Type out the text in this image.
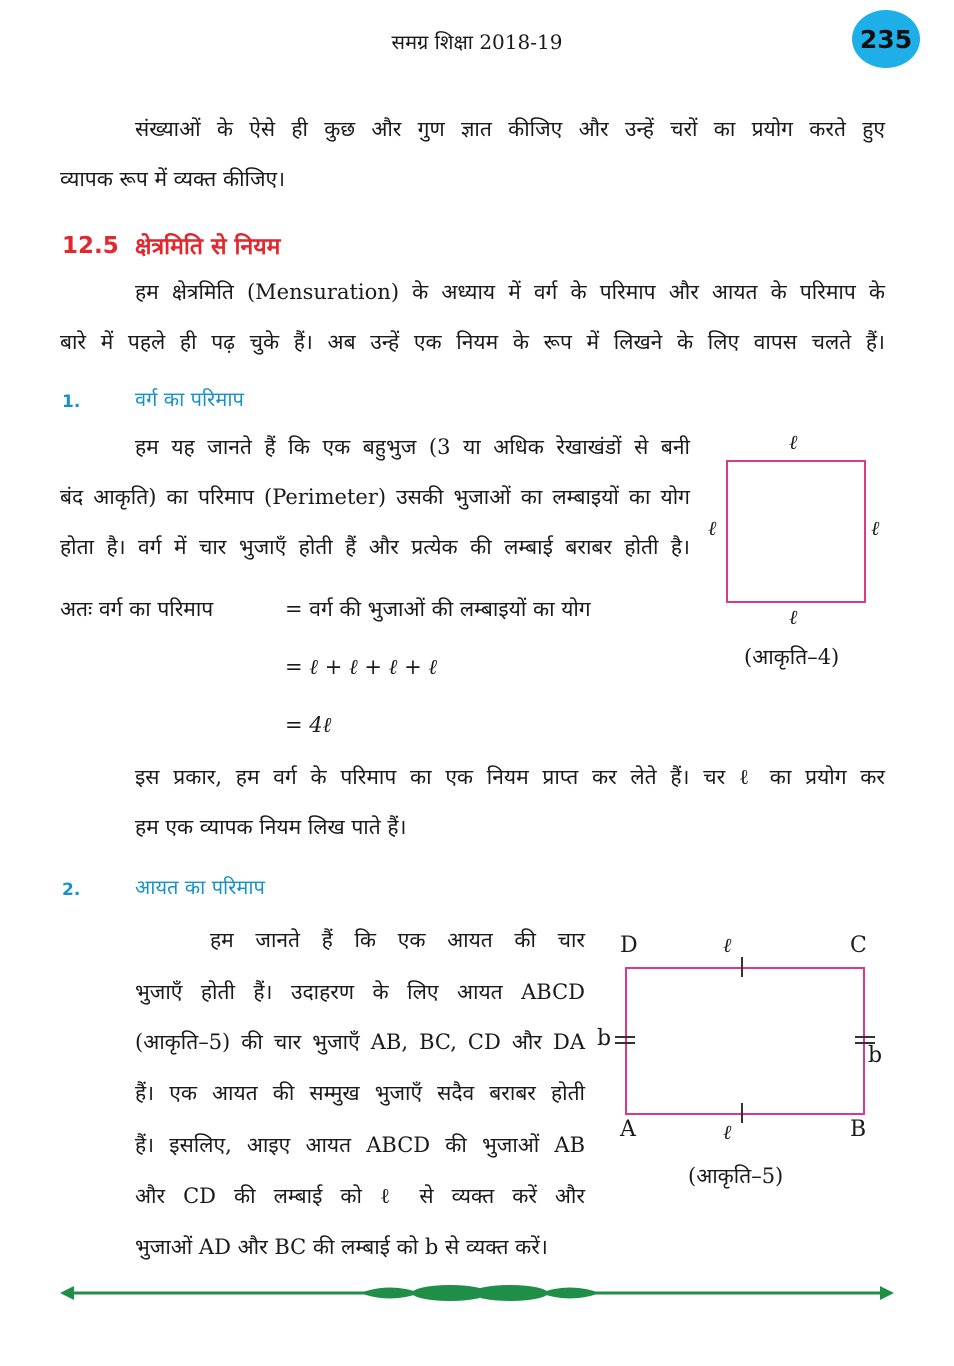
समग्र शिक्षा 2018-19	235
संख्याओं के ऐसे ही कुछ और गुण ज्ञात कीजिए और उन्हें चरों का प्रयोग करते हुए
व्यापक रूप में व्यक्त कीजिए।
12.5 क्षेत्रमिति से नियम
हम क्षेत्रमिति (Mensuration) के अध्याय में वर्ग के परिमाप और आयत के परिमाप के
बारे में पहले ही पढ़ चुके हैं। अब उन्हें एक नियम के रूप में लिखने के लिए वापस चलते हैं।
1.	वर्ग का परिमाप
हम यह जानते हैं कि एक बहुभुज (3 या अधिक रेखाखंडों से बनी
बंद आकृति) का परिमाप (Perimeter) उसकी भुजाओं का लम्बाइयों का योग
होता है। वर्ग में चार भुजाएँ होती हैं और प्रत्येक की लम्बाई बराबर होती है।
अतः वर्ग का परिमाप	= वर्ग की भुजाओं की लम्बाइयों का योग
= ℓ + ℓ + ℓ + ℓ
= 4ℓ
इस प्रकार, हम वर्ग के परिमाप का एक नियम प्राप्त कर लेते हैं। चर ℓ का प्रयोग कर
हम एक व्यापक नियम लिख पाते हैं।
ℓ
ℓ	ℓ
ℓ
(आकृति–4)
2.	आयत का परिमाप
हम जानते हैं कि एक आयत की चार
भुजाएँ होती हैं। उदाहरण के लिए आयत ABCD
(आकृति–5) की चार भुजाएँ AB, BC, CD और DA
हैं। एक आयत की सम्मुख भुजाएँ सदैव बराबर होती
हैं। इसलिए, आइए आयत ABCD की भुजाओं AB
और CD की लम्बाई को ℓ से व्यक्त करें और
भुजाओं AD और BC की लम्बाई को b से व्यक्त करें।
D	C
A	B
ℓ
ℓ
b
b
(आकृति–5)
